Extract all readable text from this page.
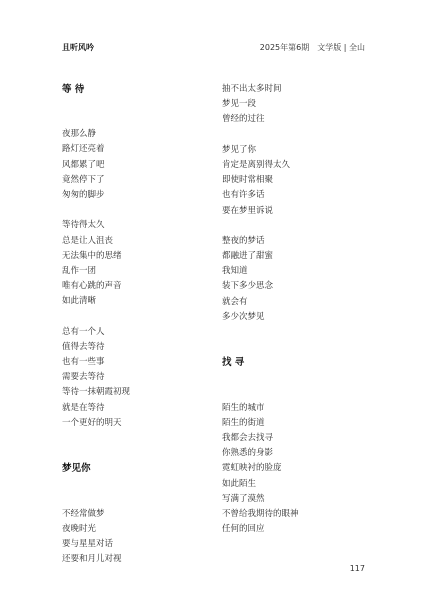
且听风吟	2025年第6期　文学版 | 全山
等 待
夜那么静
路灯还亮着
风都累了吧
竟然停下了
匆匆的脚步
等待得太久
总是让人沮丧
无法集中的思绪
乱作一团
唯有心跳的声音
如此清晰
总有一个人
值得去等待
也有一些事
需要去等待
等待一抹朝霞初现
就是在等待
一个更好的明天
梦见你
不经常做梦
夜晚时光
要与星星对话
还要和月儿对视
抽不出太多时间
梦见一段
曾经的过往
梦见了你
肯定是离别得太久
即使时常相聚
也有许多话
要在梦里诉说
整夜的梦话
都融进了甜蜜
我知道
装下多少思念
就会有
多少次梦见
找 寻
陌生的城市
陌生的街道
我都会去找寻
你熟悉的身影
霓虹映衬的脸庞
如此陌生
写满了漠然
不曾给我期待的眼神
任何的回应
117
